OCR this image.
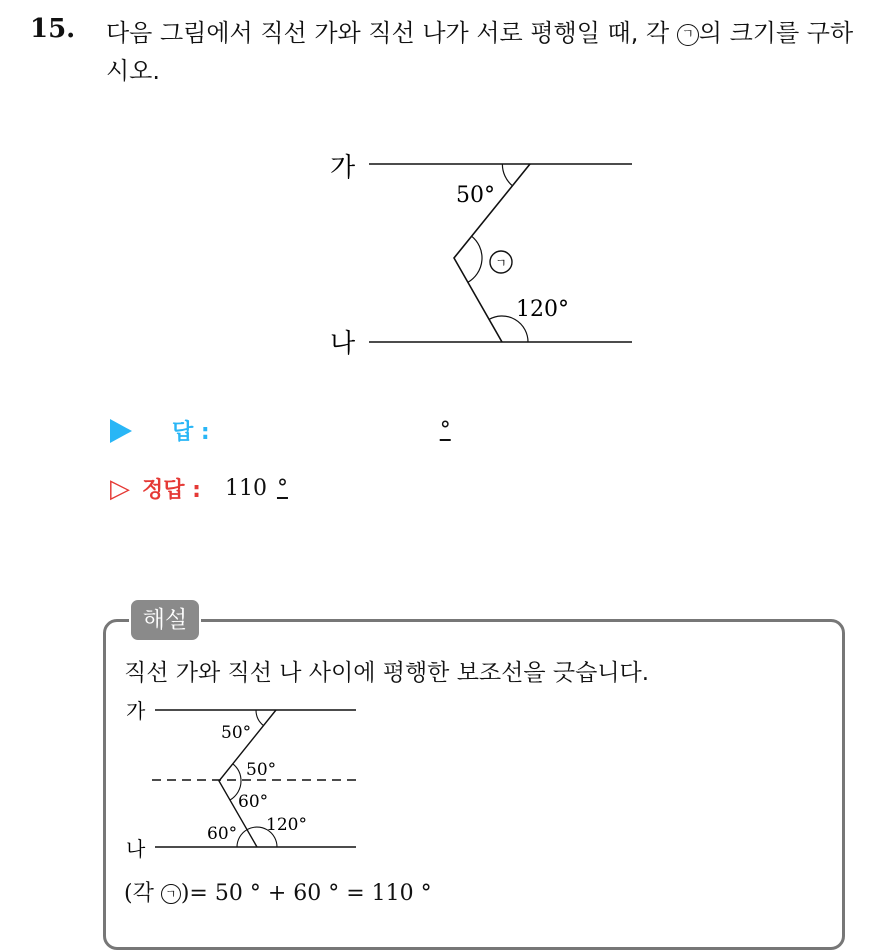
15. 다음 그림에서 직선 가와 직선 나가 서로 평행일 때, 각 ㄱ 의 크기를 구하시오.
가
나
50°
ㄱ
120°
답 :	°
▷ 정답 : 110 °
해설
직선 가와 직선 나 사이에 평행한 보조선을 긋습니다.
가
나
50°
50°
60°
60° 120°
(각 ㄱ )= 50 ° + 60 ° = 110 °
